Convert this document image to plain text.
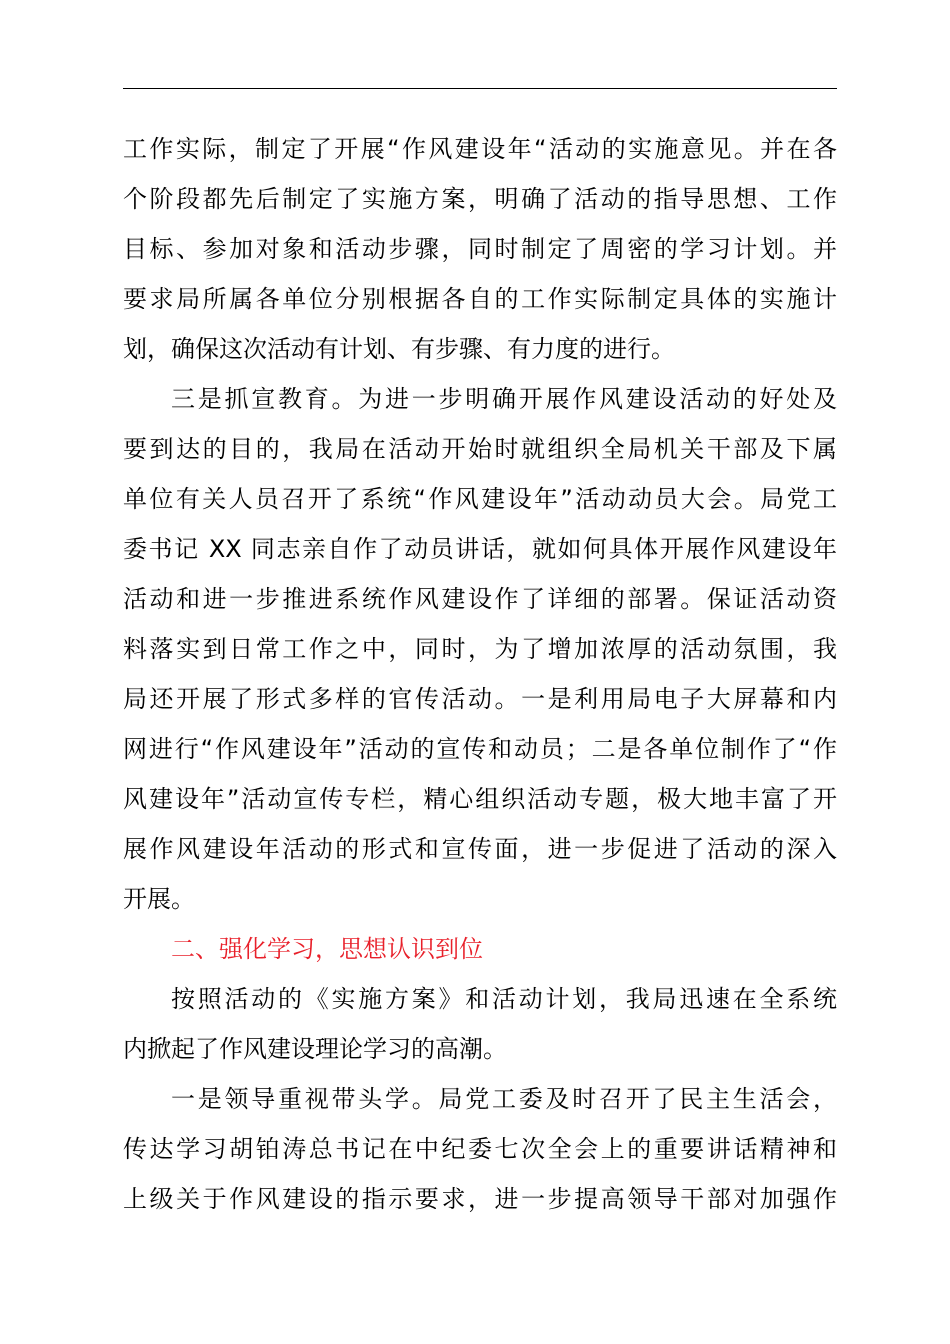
工作实际，制定了开展“作风建设年“活动的实施意见。并在各
个阶段都先后制定了实施方案，明确了活动的指导思想、工作
目标、参加对象和活动步骤，同时制定了周密的学习计划。并
要求局所属各单位分别根据各自的工作实际制定具体的实施计
划，确保这次活动有计划、有步骤、有力度的进行。
三是抓宣教育。为进一步明确开展作风建设活动的好处及
要到达的目的，我局在活动开始时就组织全局机关干部及下属
单位有关人员召开了系统“作风建设年”活动动员大会。局党工
委书记 XX 同志亲自作了动员讲话，就如何具体开展作风建设年
活动和进一步推进系统作风建设作了详细的部署。保证活动资
料落实到日常工作之中，同时，为了增加浓厚的活动氛围，我
局还开展了形式多样的官传活动。一是利用局电子大屏幕和内
网进行“作风建设年”活动的宣传和动员；二是各单位制作了“作
风建设年”活动宣传专栏，精心组织活动专题，极大地丰富了开
展作风建设年活动的形式和宣传面，进一步促进了活动的深入
开展。
二、强化学习，思想认识到位
按照活动的《实施方案》和活动计划，我局迅速在全系统
内掀起了作风建设理论学习的高潮。
一是领导重视带头学。局党工委及时召开了民主生活会，
传达学习胡铂涛总书记在中纪委七次全会上的重要讲话精神和
上级关于作风建设的指示要求，进一步提高领导干部对加强作
